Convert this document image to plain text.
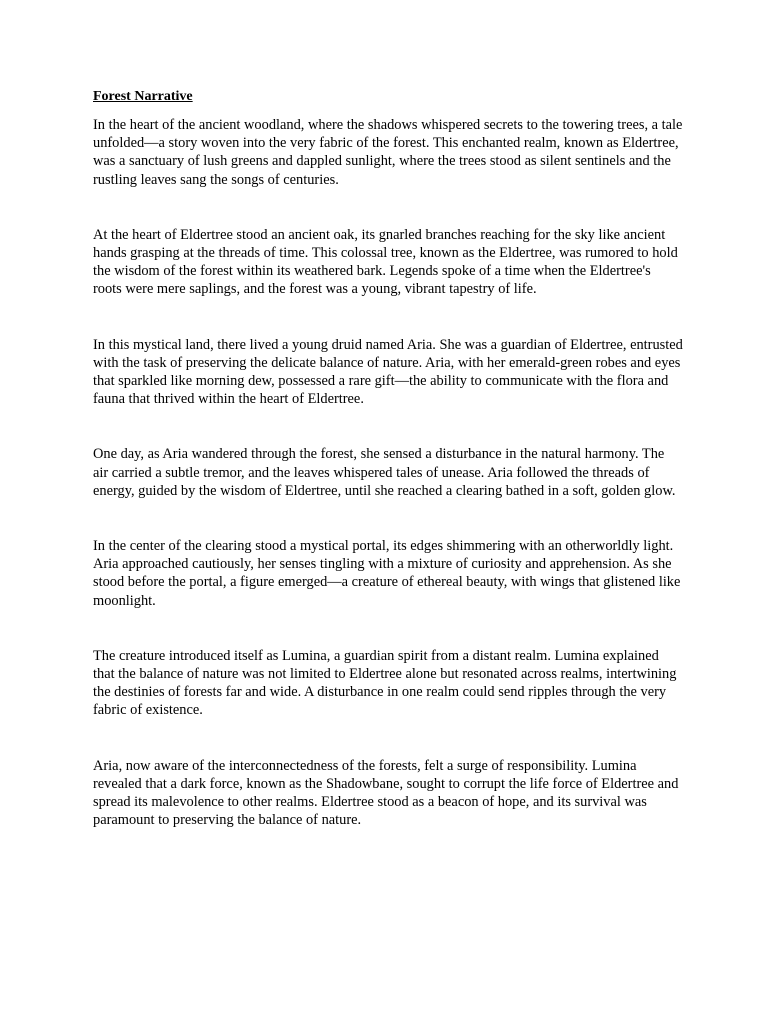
Forest Narrative

In the heart of the ancient woodland, where the shadows whispered secrets to the towering trees, a tale unfolded—a story woven into the very fabric of the forest. This enchanted realm, known as Eldertree, was a sanctuary of lush greens and dappled sunlight, where the trees stood as silent sentinels and the rustling leaves sang the songs of centuries.

At the heart of Eldertree stood an ancient oak, its gnarled branches reaching for the sky like ancient hands grasping at the threads of time. This colossal tree, known as the Eldertree, was rumored to hold the wisdom of the forest within its weathered bark. Legends spoke of a time when the Eldertree's roots were mere saplings, and the forest was a young, vibrant tapestry of life.

In this mystical land, there lived a young druid named Aria. She was a guardian of Eldertree, entrusted with the task of preserving the delicate balance of nature. Aria, with her emerald-green robes and eyes that sparkled like morning dew, possessed a rare gift—the ability to communicate with the flora and fauna that thrived within the heart of Eldertree.

One day, as Aria wandered through the forest, she sensed a disturbance in the natural harmony. The air carried a subtle tremor, and the leaves whispered tales of unease. Aria followed the threads of energy, guided by the wisdom of Eldertree, until she reached a clearing bathed in a soft, golden glow.

In the center of the clearing stood a mystical portal, its edges shimmering with an otherworldly light. Aria approached cautiously, her senses tingling with a mixture of curiosity and apprehension. As she stood before the portal, a figure emerged—a creature of ethereal beauty, with wings that glistened like moonlight.

The creature introduced itself as Lumina, a guardian spirit from a distant realm. Lumina explained that the balance of nature was not limited to Eldertree alone but resonated across realms, intertwining the destinies of forests far and wide. A disturbance in one realm could send ripples through the very fabric of existence.

Aria, now aware of the interconnectedness of the forests, felt a surge of responsibility. Lumina revealed that a dark force, known as the Shadowbane, sought to corrupt the life force of Eldertree and spread its malevolence to other realms. Eldertree stood as a beacon of hope, and its survival was paramount to preserving the balance of nature.
